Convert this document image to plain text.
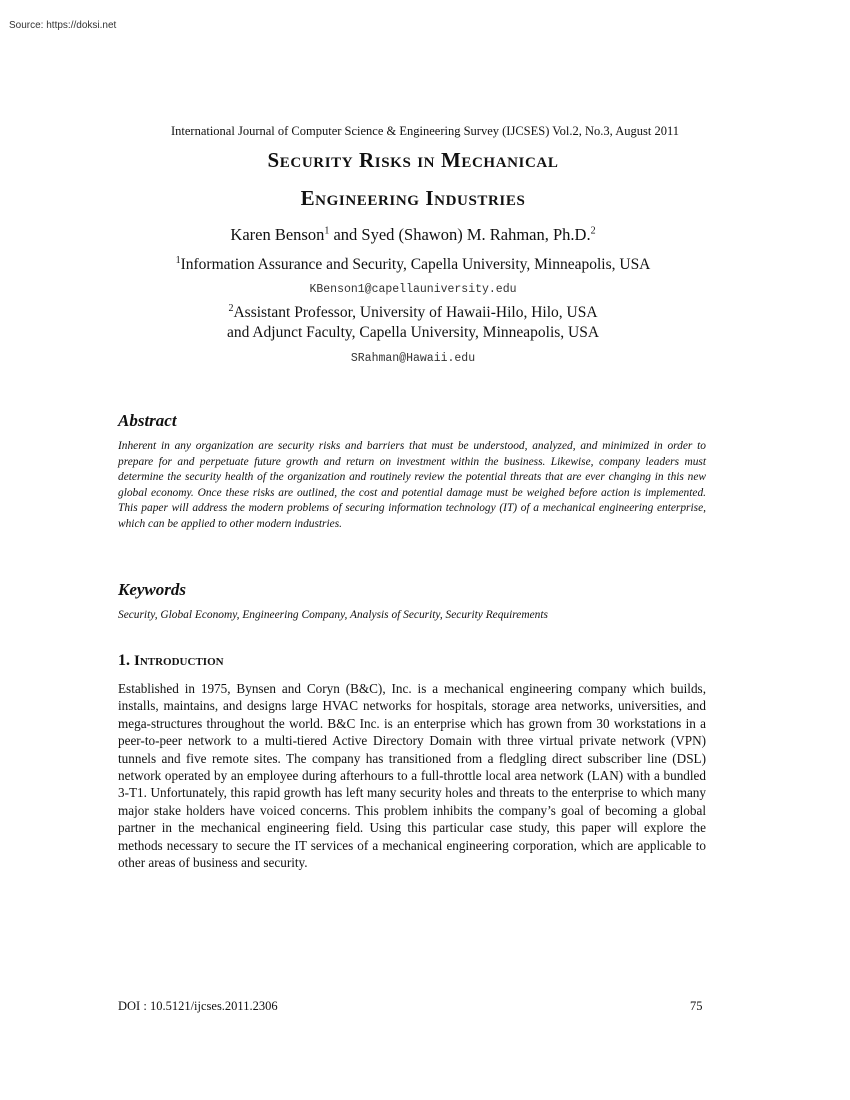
Source: https://doksi.net
International Journal of Computer Science & Engineering Survey (IJCSES) Vol.2, No.3, August 2011
Security Risks in Mechanical
Engineering Industries
Karen Benson$^1$ and Syed (Shawon) M. Rahman, Ph.D.$^2$
$^1$Information Assurance and Security, Capella University, Minneapolis, USA
KBenson1@capellauniversity.edu
$^2$Assistant Professor, University of Hawaii-Hilo, Hilo, USA
and Adjunct Faculty, Capella University, Minneapolis, USA
SRahman@Hawaii.edu
Abstract
Inherent in any organization are security risks and barriers that must be understood, analyzed, and minimized in order to prepare for and perpetuate future growth and return on investment within the business. Likewise, company leaders must determine the security health of the organization and routinely review the potential threats that are ever changing in this new global economy. Once these risks are outlined, the cost and potential damage must be weighed before action is implemented. This paper will address the modern problems of securing information technology (IT) of a mechanical engineering enterprise, which can be applied to other modern industries.
Keywords
Security, Global Economy, Engineering Company, Analysis of Security, Security Requirements
1. Introduction
Established in 1975, Bynsen and Coryn (B&C), Inc. is a mechanical engineering company which builds, installs, maintains, and designs large HVAC networks for hospitals, storage area networks, universities, and mega-structures throughout the world. B&C Inc. is an enterprise which has grown from 30 workstations in a peer-to-peer network to a multi-tiered Active Directory Domain with three virtual private network (VPN) tunnels and five remote sites. The company has transitioned from a fledgling direct subscriber line (DSL) network operated by an employee during afterhours to a full-throttle local area network (LAN) with a bundled 3-T1. Unfortunately, this rapid growth has left many security holes and threats to the enterprise to which many major stake holders have voiced concerns. This problem inhibits the company’s goal of becoming a global partner in the mechanical engineering field. Using this particular case study, this paper will explore the methods necessary to secure the IT services of a mechanical engineering corporation, which are applicable to other areas of business and security.
DOI : 10.5121/ijcses.2011.2306	75
